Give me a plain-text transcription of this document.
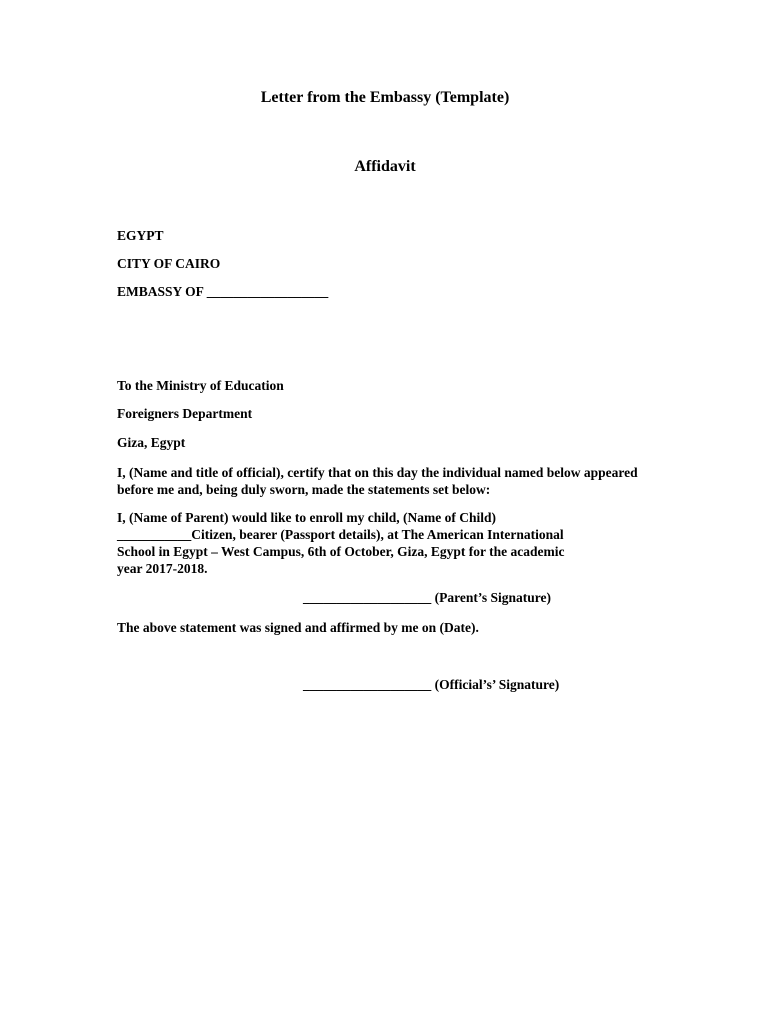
Letter from the Embassy (Template)
Affidavit
EGYPT
CITY OF CAIRO
EMBASSY OF __________________
To the Ministry of Education
Foreigners Department
Giza, Egypt
I, (Name and title of official), certify that on this day the individual named below appeared before me and, being duly sworn, made the statements set below:
I, (Name of Parent) would like to enroll my child, (Name of Child)
___________Citizen, bearer (Passport details), at The American International
School in Egypt – West Campus, 6th of October, Giza, Egypt for the academic
year 2017-2018.
___________________ (Parent’s Signature)
The above statement was signed and affirmed by me on (Date).
___________________ (Official’s’ Signature)
